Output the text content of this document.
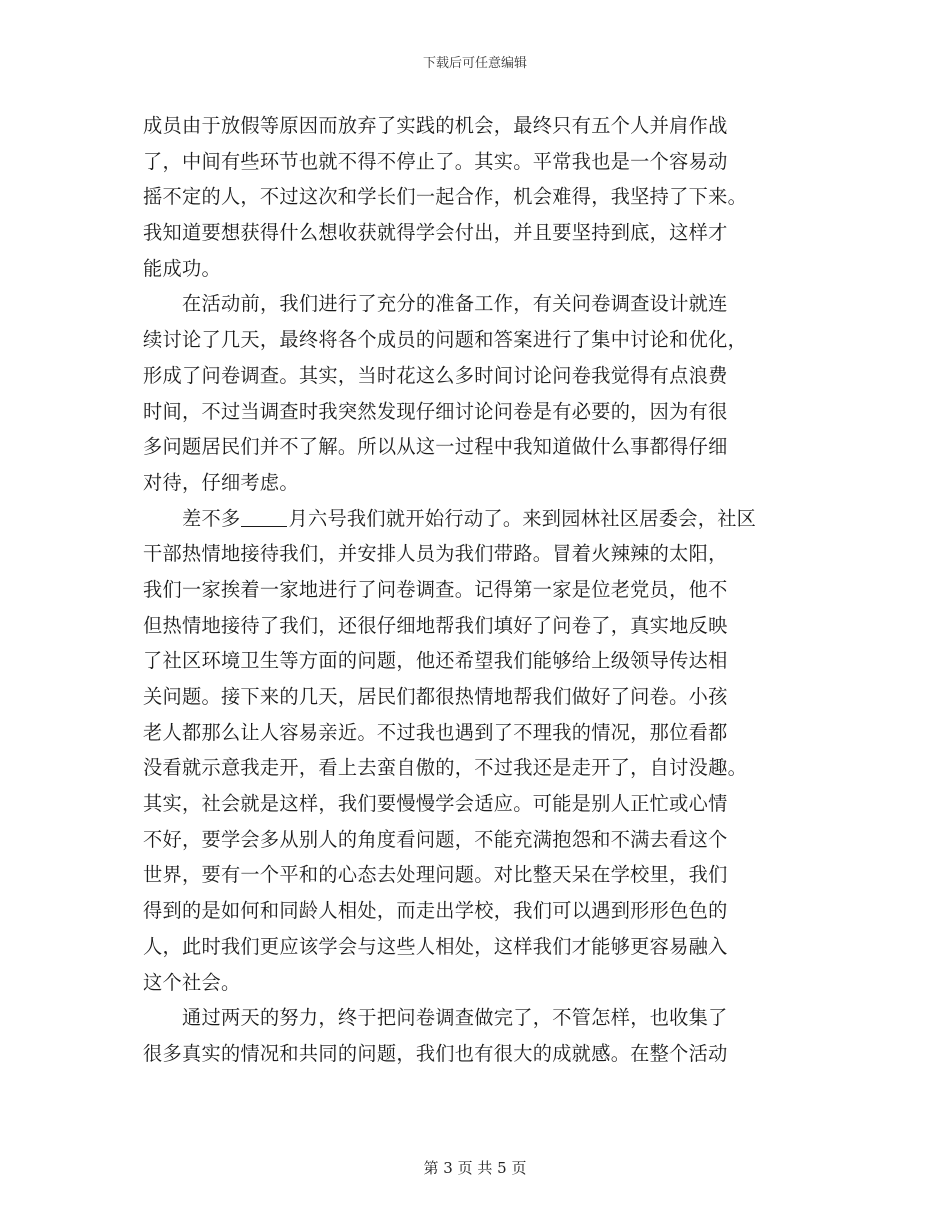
下载后可任意编辑
成员由于放假等原因而放弃了实践的机会，最终只有五个人并肩作战
了，中间有些环节也就不得不停止了。其实。平常我也是一个容易动
摇不定的人，不过这次和学长们一起合作，机会难得，我坚持了下来。
我知道要想获得什么想收获就得学会付出，并且要坚持到底，这样才
能成功。
在活动前，我们进行了充分的准备工作，有关问卷调查设计就连
续讨论了几天，最终将各个成员的问题和答案进行了集中讨论和优化，
形成了问卷调查。其实，当时花这么多时间讨论问卷我觉得有点浪费
时间，不过当调查时我突然发现仔细讨论问卷是有必要的，因为有很
多问题居民们并不了解。所以从这一过程中我知道做什么事都得仔细
对待，仔细考虑。
差不多	月六号我们就开始行动了。来到园林社区居委会，社区
干部热情地接待我们，并安排人员为我们带路。冒着火辣辣的太阳，
我们一家挨着一家地进行了问卷调查。记得第一家是位老党员，他不
但热情地接待了我们，还很仔细地帮我们填好了问卷了，真实地反映
了社区环境卫生等方面的问题，他还希望我们能够给上级领导传达相
关问题。接下来的几天，居民们都很热情地帮我们做好了问卷。小孩
老人都那么让人容易亲近。不过我也遇到了不理我的情况，那位看都
没看就示意我走开，看上去蛮自傲的，不过我还是走开了，自讨没趣。
其实，社会就是这样，我们要慢慢学会适应。可能是别人正忙或心情
不好，要学会多从别人的角度看问题，不能充满抱怨和不满去看这个
世界，要有一个平和的心态去处理问题。对比整天呆在学校里，我们
得到的是如何和同龄人相处，而走出学校，我们可以遇到形形色色的
人，此时我们更应该学会与这些人相处，这样我们才能够更容易融入
这个社会。
通过两天的努力，终于把问卷调查做完了，不管怎样，也收集了
很多真实的情况和共同的问题，我们也有很大的成就感。在整个活动
第 3 页 共 5 页
